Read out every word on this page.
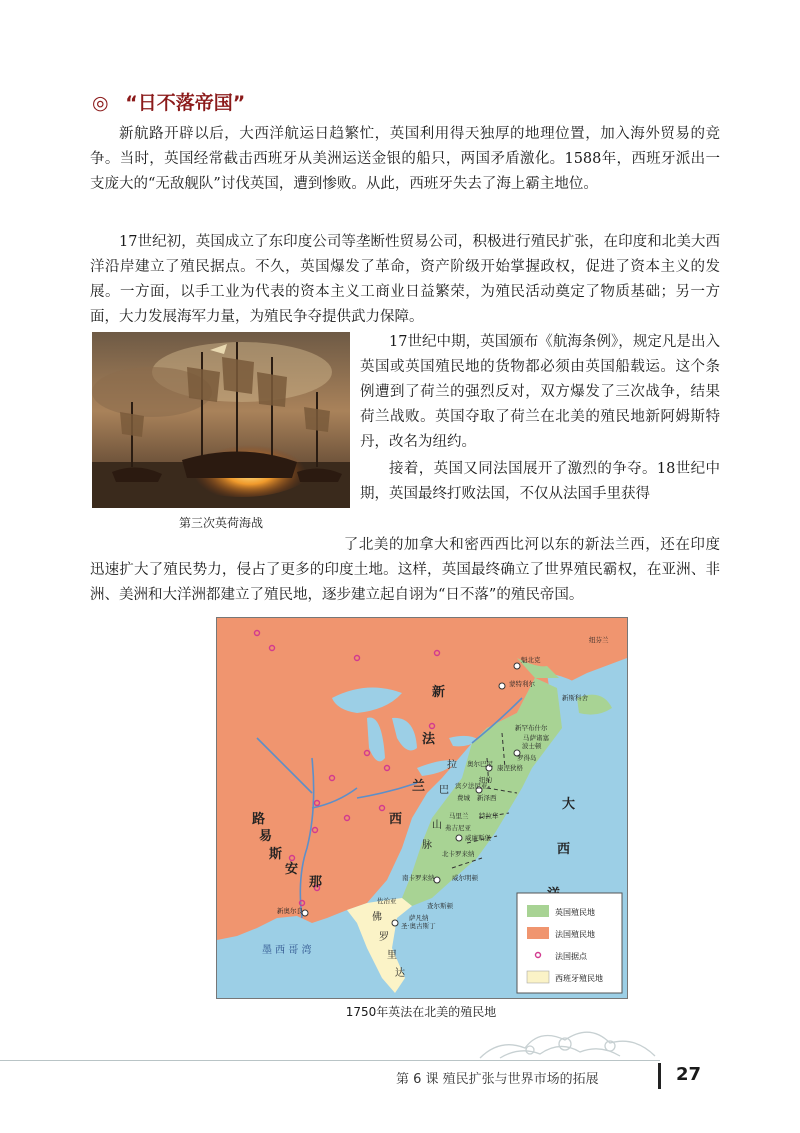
◎ “日不落帝国”

新航路开辟以后，大西洋航运日趋繁忙，英国利用得天独厚的地理位置，加入海外贸易的竞争。当时，英国经常截击西班牙从美洲运送金银的船只，两国矛盾激化。1588年，西班牙派出一支庞大的“无敌舰队”讨伐英国，遭到惨败。从此，西班牙失去了海上霸主地位。

17世纪初，英国成立了东印度公司等垄断性贸易公司，积极进行殖民扩张，在印度和北美大西洋沿岸建立了殖民据点。不久，英国爆发了革命，资产阶级开始掌握政权，促进了资本主义的发展。一方面，以手工业为代表的资本主义工商业日益繁荣，为殖民活动奠定了物质基础；另一方面，大力发展海军力量，为殖民争夺提供武力保障。

第三次英荷海战

17世纪中期，英国颁布《航海条例》，规定凡是出入英国或英国殖民地的货物都必须由英国船载运。这个条例遭到了荷兰的强烈反对，双方爆发了三次战争，结果荷兰战败。英国夺取了荷兰在北美的殖民地新阿姆斯特丹，改名为纽约。

接着，英国又同法国展开了激烈的争夺。18世纪中期，英国最终打败法国，不仅从法国手里获得

了北美的加拿大和密西西比河以东的新法兰西，还在印度迅速扩大了殖民势力，侵占了更多的印度土地。这样，英国最终确立了世界殖民霸权，在亚洲、非洲、美洲和大洋洲都建立了殖民地，逐步建立起自诩为“日不落”的殖民帝国。

新
法
兰
西
路
易
斯
安
那
大
西
拉
巴
山
脉
佛
罗
里
达
墨 西 哥 湾
魁北克
蒙特利尔
纽芬兰
新斯科舍
新罕布什尔
波士顿
马萨诸塞
罗得岛
康涅狄格
奥尔巴尼
纽约
新泽西
宾夕法尼亚
费城
马里兰 特拉华
弗吉尼亚
威廉斯堡
北卡罗来纳
威尔明顿
南卡罗来纳
查尔斯顿
佐治亚
萨凡纳
新奥尔良
圣·奥古斯丁
英国殖民地
法国殖民地
法国据点
西班牙殖民地
1750年英法在北美的殖民地
第 6 课 殖民扩张与世界市场的拓展	27
